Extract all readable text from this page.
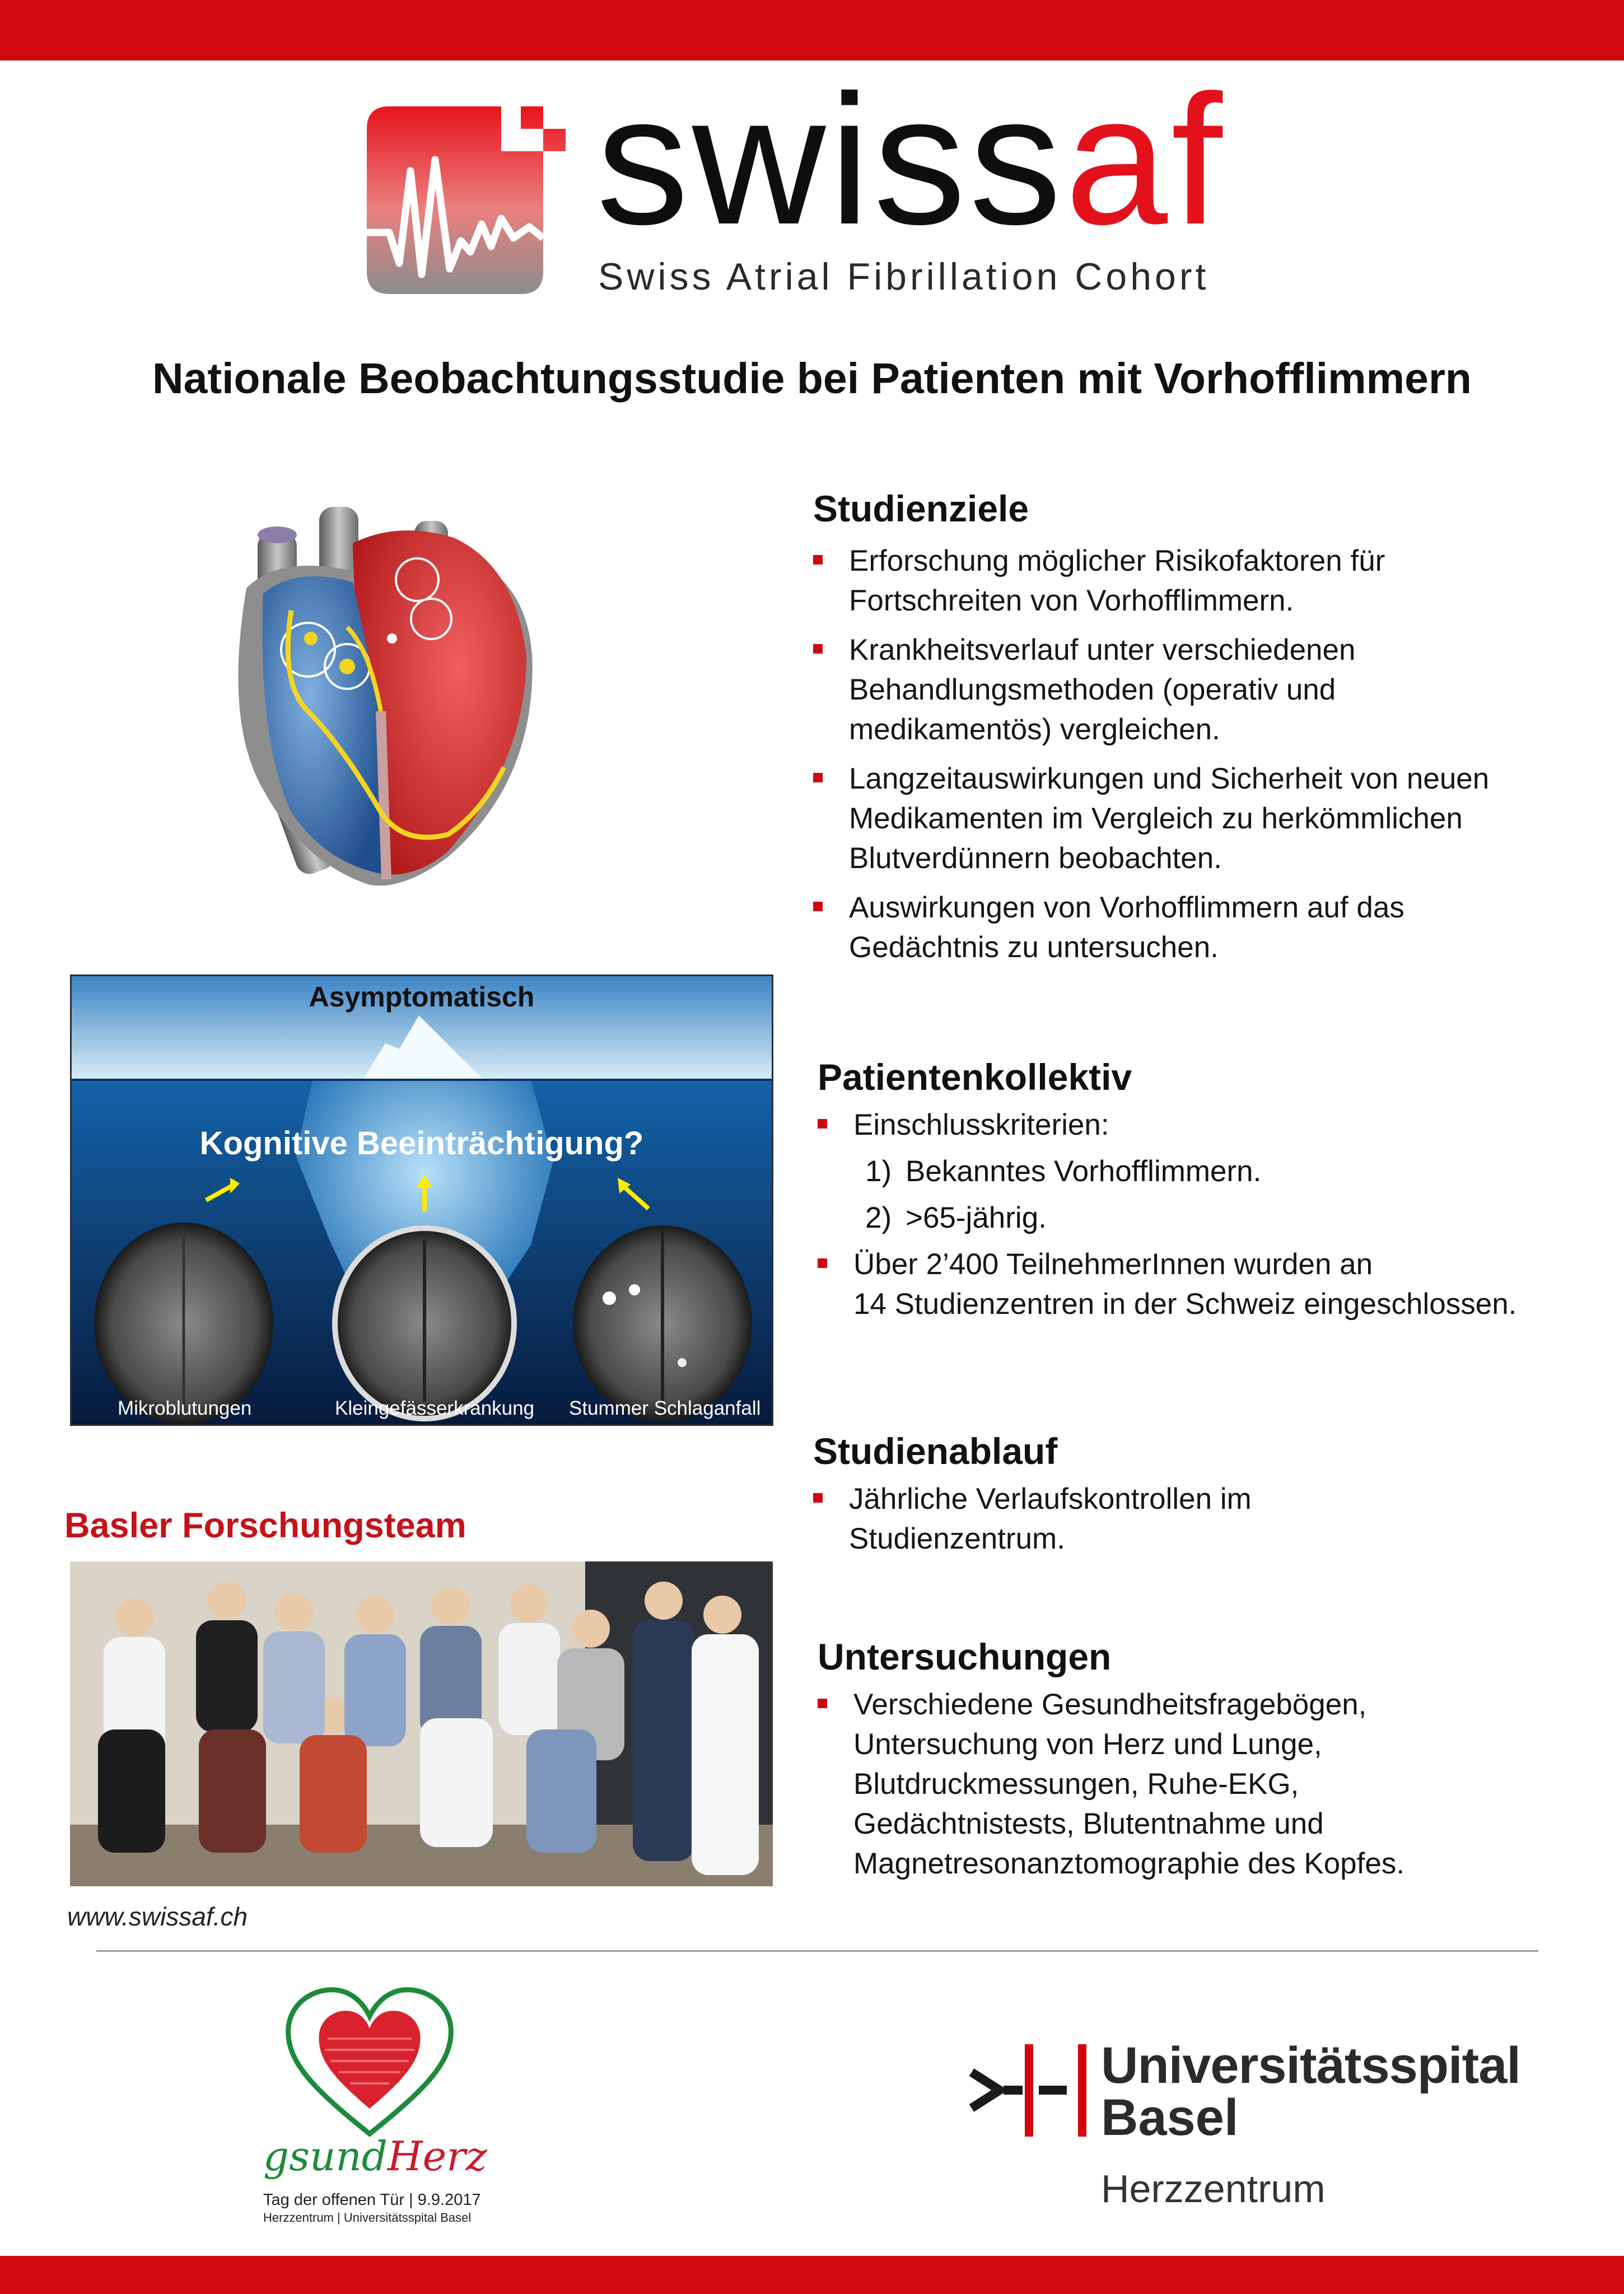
swissaf
Swiss Atrial Fibrillation Cohort
Nationale Beobachtungsstudie bei Patienten mit Vorhofflimmern
Studienziele
Erforschung möglicher Risikofaktoren für
Fortschreiten von Vorhofflimmern.
Krankheitsverlauf unter verschiedenen
Behandlungsmethoden (operativ und
medikamentös) vergleichen.
Langzeitauswirkungen und Sicherheit von neuen
Medikamenten im Vergleich zu herkömmlichen
Blutverdünnern beobachten.
Auswirkungen von Vorhofflimmern auf das
Gedächtnis zu untersuchen.
Patientenkollektiv
Einschlusskriterien:
1) Bekanntes Vorhofflimmern.
2) >65-jährig.
Über 2’400 TeilnehmerInnen wurden an
14 Studienzentren in der Schweiz eingeschlossen.
Studienablauf
Jährliche Verlaufskontrollen im
Studienzentrum.
Untersuchungen
Verschiedene Gesundheitsfragebögen,
Untersuchung von Herz und Lunge,
Blutdruckmessungen, Ruhe-EKG,
Gedächtnistests, Blutentnahme und
Magnetresonanztomographie des Kopfes.
Asymptomatisch
Kognitive Beeinträchtigung?
Mikroblutungen	Kleingefässerkrankung Stummer Schlaganfall
Basler Forschungsteam
www.swissaf.ch
gsundHerz
Tag der offenen Tür | 9.9.2017
Herzzentrum | Universitätsspital Basel
Universitätsspital
Basel
Herzzentrum
